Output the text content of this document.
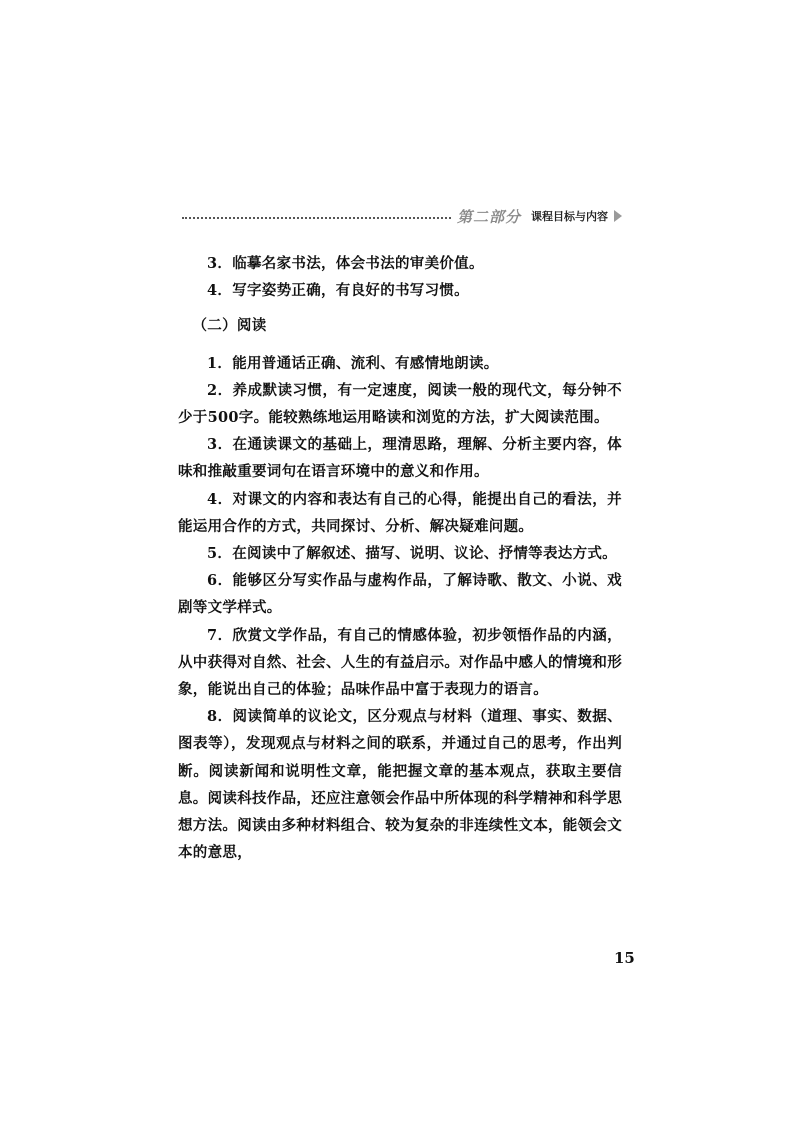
第二部分 课程目标与内容

3．临摹名家书法，体会书法的审美价值。

4．写字姿势正确，有良好的书写习惯。

（二）阅读

1．能用普通话正确、流利、有感情地朗读。

2．养成默读习惯，有一定速度，阅读一般的现代文，每分钟不少于500字。能较熟练地运用略读和浏览的方法，扩大阅读范围。

3．在通读课文的基础上，理清思路，理解、分析主要内容，体味和推敲重要词句在语言环境中的意义和作用。

4．对课文的内容和表达有自己的心得，能提出自己的看法，并能运用合作的方式，共同探讨、分析、解决疑难问题。

5．在阅读中了解叙述、描写、说明、议论、抒情等表达方式。

6．能够区分写实作品与虚构作品，了解诗歌、散文、小说、戏剧等文学样式。

7．欣赏文学作品，有自己的情感体验，初步领悟作品的内涵，从中获得对自然、社会、人生的有益启示。对作品中感人的情境和形象，能说出自己的体验；品味作品中富于表现力的语言。

8．阅读简单的议论文，区分观点与材料（道理、事实、数据、图表等），发现观点与材料之间的联系，并通过自己的思考，作出判断。阅读新闻和说明性文章，能把握文章的基本观点，获取主要信息。阅读科技作品，还应注意领会作品中所体现的科学精神和科学思想方法。阅读由多种材料组合、较为复杂的非连续性文本，能领会文本的意思，

15
